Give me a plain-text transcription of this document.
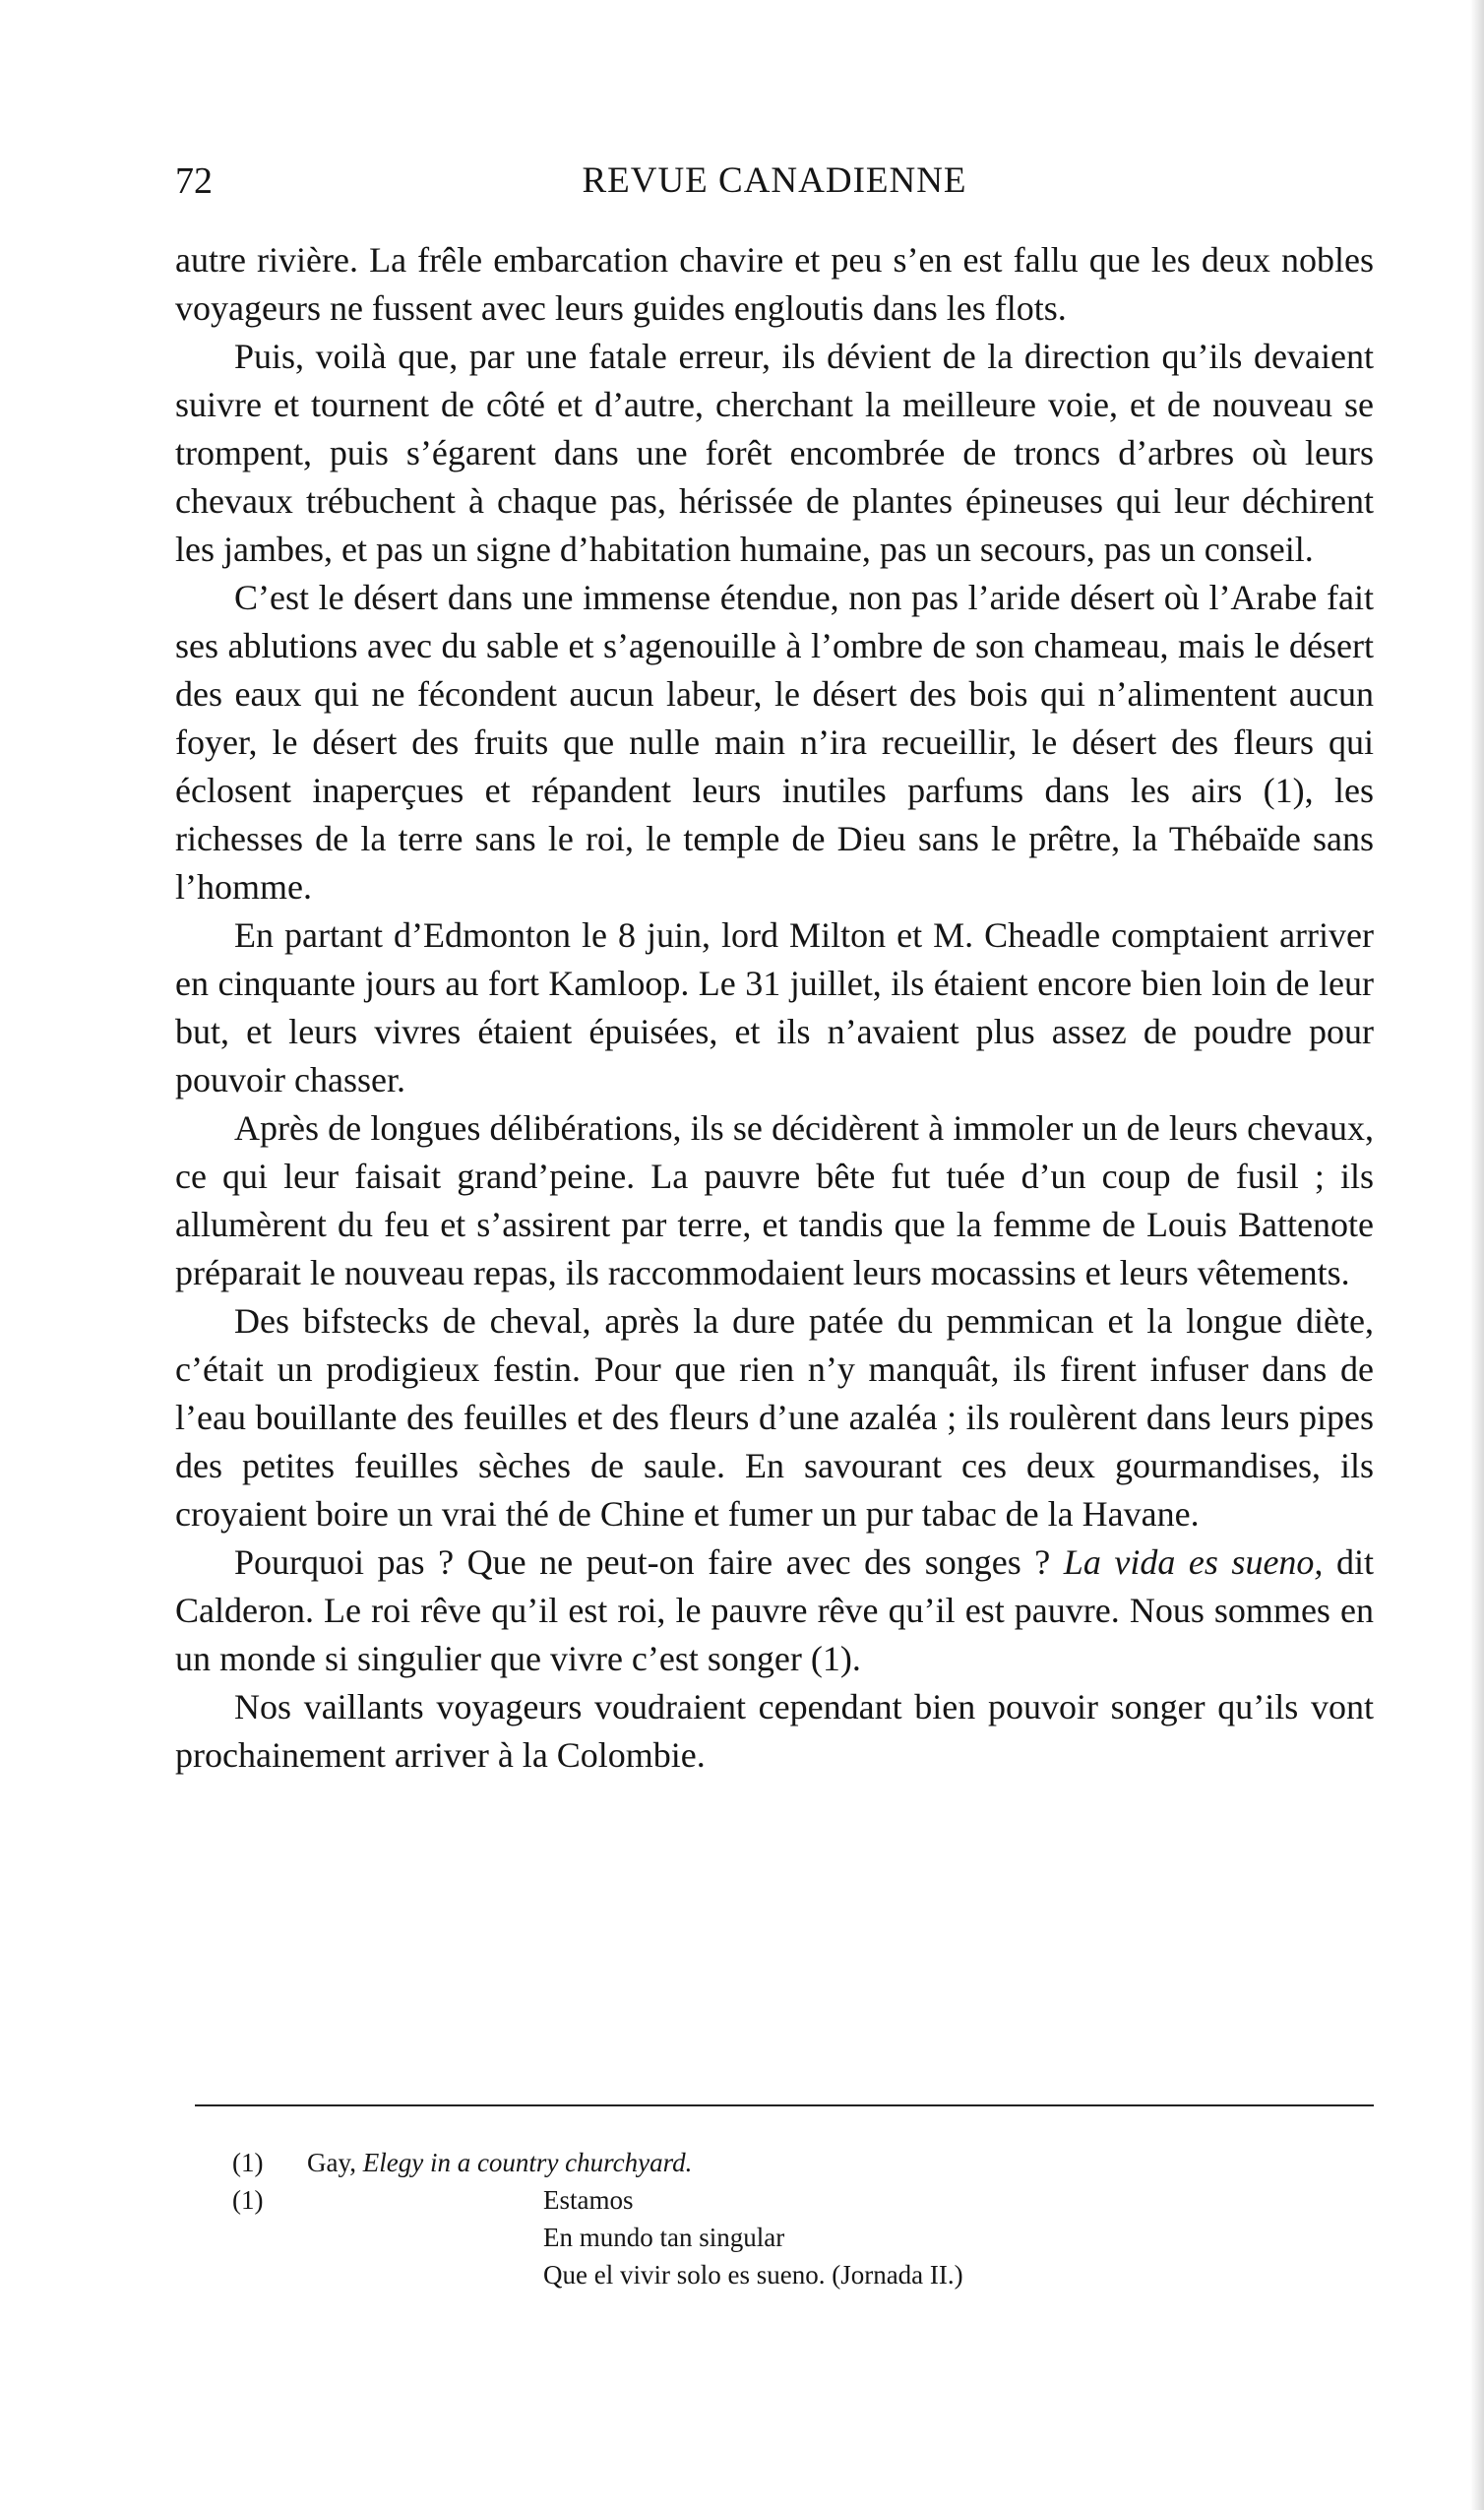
72	REVUE CANADIENNE

autre rivière. La frêle embarcation chavire et peu s’en est fallu que les deux nobles voyageurs ne fussent avec leurs guides engloutis dans les flots.

Puis, voilà que, par une fatale erreur, ils dévient de la direction qu’ils devaient suivre et tournent de côté et d’autre, cherchant la meilleure voie, et de nouveau se trompent, puis s’égarent dans une forêt encombrée de troncs d’arbres où leurs chevaux trébuchent à chaque pas, hérissée de plantes épineuses qui leur déchirent les jambes, et pas un signe d’habitation humaine, pas un secours, pas un conseil.

C’est le désert dans une immense étendue, non pas l’aride désert où l’Arabe fait ses ablutions avec du sable et s’agenouille à l’ombre de son chameau, mais le désert des eaux qui ne fécondent aucun labeur, le désert des bois qui n’alimentent aucun foyer, le désert des fruits que nulle main n’ira recueillir, le désert des fleurs qui éclosent inaperçues et répandent leurs inutiles parfums dans les airs (1), les richesses de la terre sans le roi, le temple de Dieu sans le prêtre, la Thébaïde sans l’homme.

En partant d’Edmonton le 8 juin, lord Milton et M. Cheadle comptaient arriver en cinquante jours au fort Kamloop. Le 31 juillet, ils étaient encore bien loin de leur but, et leurs vivres étaient épuisées, et ils n’avaient plus assez de poudre pour pouvoir chasser.

Après de longues délibérations, ils se décidèrent à immoler un de leurs chevaux, ce qui leur faisait grand’peine. La pauvre bête fut tuée d’un coup de fusil ; ils allumèrent du feu et s’assirent par terre, et tandis que la femme de Louis Battenote préparait le nouveau repas, ils raccommodaient leurs mocassins et leurs vêtements.

Des bifstecks de cheval, après la dure patée du pemmican et la longue diète, c’était un prodigieux festin. Pour que rien n’y manquât, ils firent infuser dans de l’eau bouillante des feuilles et des fleurs d’une azaléa ; ils roulèrent dans leurs pipes des petites feuilles sèches de saule. En savourant ces deux gourmandises, ils croyaient boire un vrai thé de Chine et fumer un pur tabac de la Havane.

Pourquoi pas ? Que ne peut-on faire avec des songes ? La vida es sueno, dit Calderon. Le roi rêve qu’il est roi, le pauvre rêve qu’il est pauvre. Nous sommes en un monde si singulier que vivre c’est songer (1).

Nos vaillants voyageurs voudraient cependant bien pouvoir songer qu’ils vont prochainement arriver à la Colombie.

(1)	Gay, Elegy in a country churchyard.
(1)	Estamos
En mundo tan singular
Que el vivir solo es sueno. (Jornada II.)
